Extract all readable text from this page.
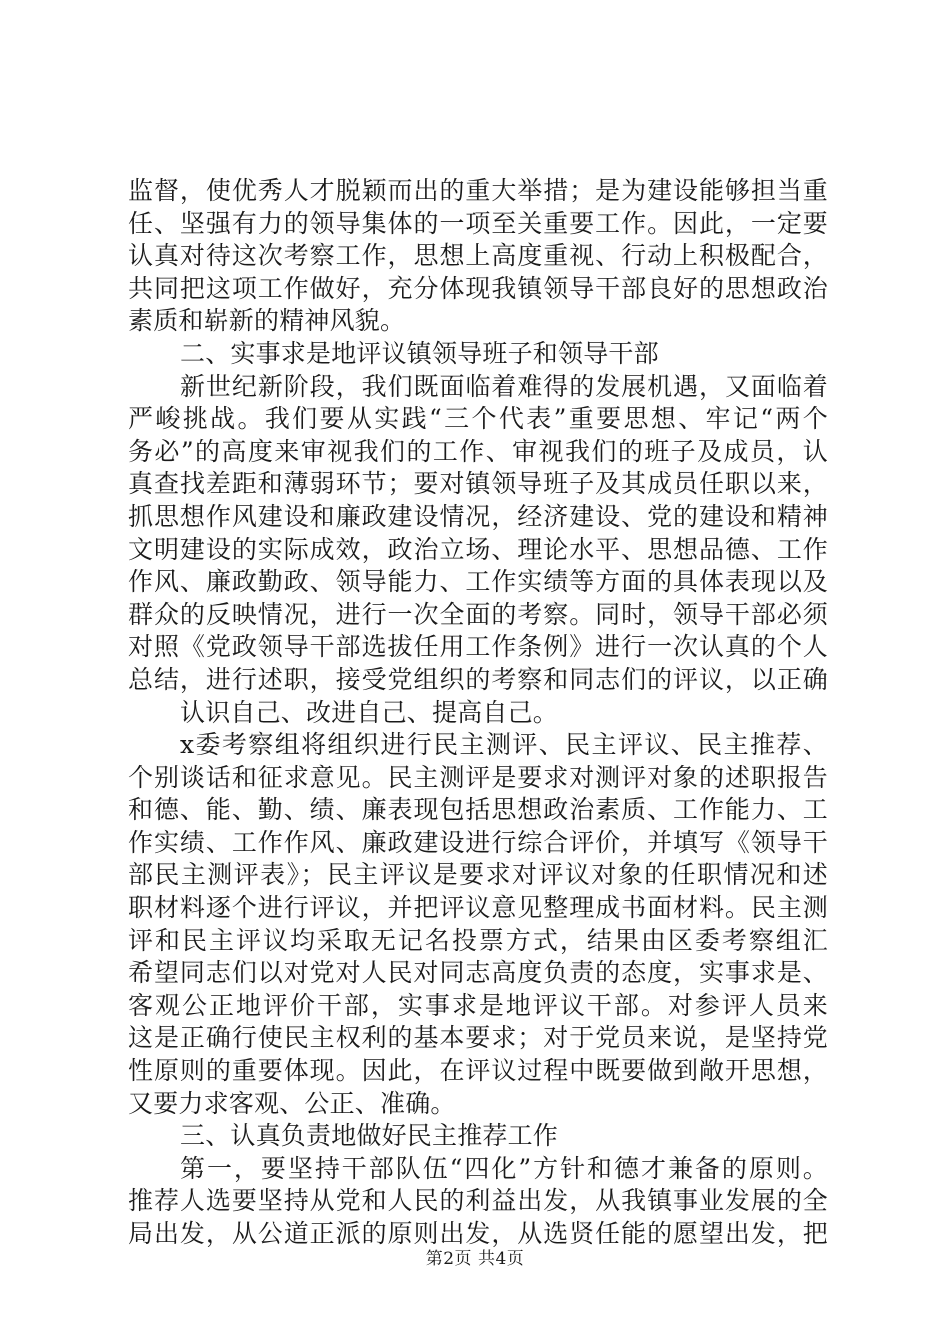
监督，使优秀人才脱颖而出的重大举措；是为建设能够担当重
任、坚强有力的领导集体的一项至关重要工作。因此，一定要
认真对待这次考察工作，思想上高度重视、行动上积极配合，
共同把这项工作做好，充分体现我镇领导干部良好的思想政治
素质和崭新的精神风貌。
二、实事求是地评议镇领导班子和领导干部
新世纪新阶段，我们既面临着难得的发展机遇，又面临着
严峻挑战。我们要从实践“三个代表”重要思想、牢记“两个
务必”的高度来审视我们的工作、审视我们的班子及成员，认
真查找差距和薄弱环节；要对镇领导班子及其成员任职以来，
抓思想作风建设和廉政建设情况，经济建设、党的建设和精神
文明建设的实际成效，政治立场、理论水平、思想品德、工作
作风、廉政勤政、领导能力、工作实绩等方面的具体表现以及
群众的反映情况，进行一次全面的考察。同时，领导干部必须
对照《党政领导干部选拔任用工作条例》进行一次认真的个人
总结，进行述职，接受党组织的考察和同志们的评议，以正确
认识自己、改进自己、提高自己。
x委考察组将组织进行民主测评、民主评议、民主推荐、
个别谈话和征求意见。民主测评是要求对测评对象的述职报告
和德、能、勤、绩、廉表现包括思想政治素质、工作能力、工
作实绩、工作作风、廉政建设进行综合评价，并填写《领导干
部民主测评表》；民主评议是要求对评议对象的任职情况和述
职材料逐个进行评议，并把评议意见整理成书面材料。民主测
评和民主评议均采取无记名投票方式，结果由区委考察组汇
希望同志们以对党对人民对同志高度负责的态度，实事求是、
客观公正地评价干部，实事求是地评议干部。对参评人员来
这是正确行使民主权利的基本要求；对于党员来说，是坚持党
性原则的重要体现。因此，在评议过程中既要做到敞开思想，
又要力求客观、公正、准确。
三、认真负责地做好民主推荐工作
第一，要坚持干部队伍“四化”方针和德才兼备的原则。
推荐人选要坚持从党和人民的利益出发，从我镇事业发展的全
局出发，从公道正派的原则出发，从选贤任能的愿望出发，把
第2页 共4页
